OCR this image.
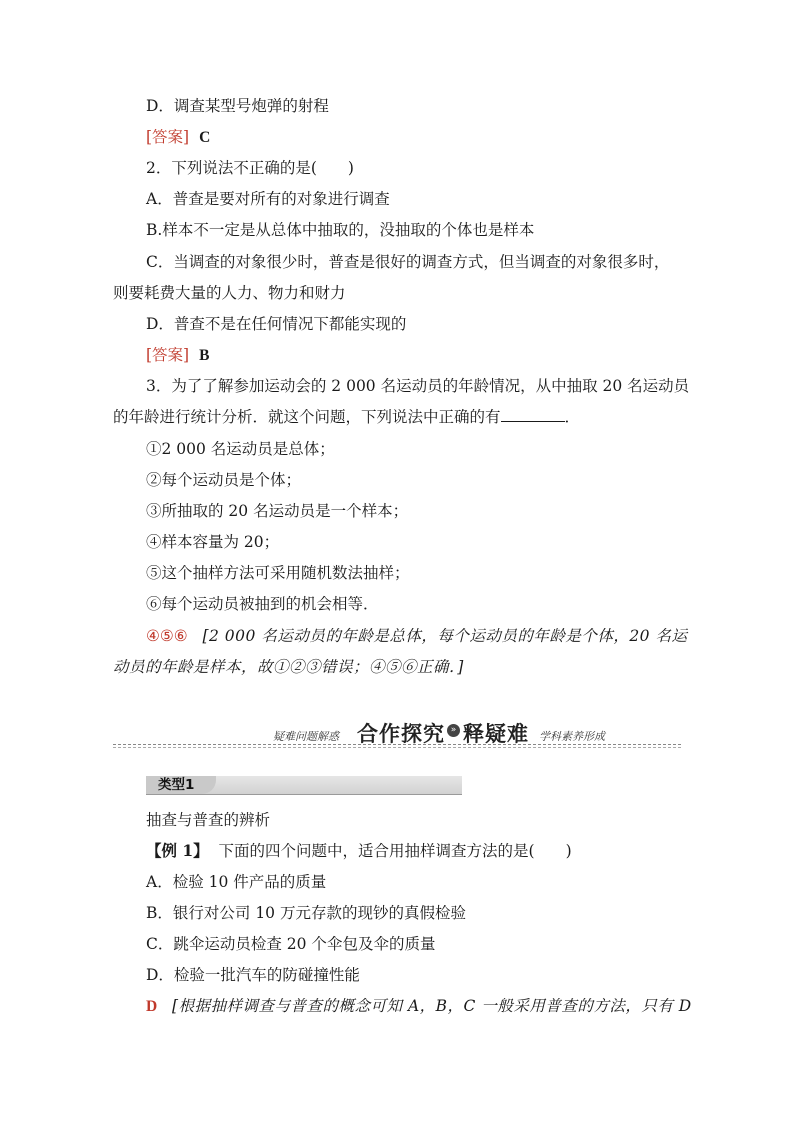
D．调查某型号炮弹的射程
[答案] C
2．下列说法不正确的是(　　)
A．普查是要对所有的对象进行调查
B.样本不一定是从总体中抽取的，没抽取的个体也是样本
C．当调查的对象很少时，普查是很好的调查方式，但当调查的对象很多时，
则要耗费大量的人力、物力和财力
D．普查不是在任何情况下都能实现的
[答案] B
3．为了了解参加运动会的 2 000 名运动员的年龄情况，从中抽取 20 名运动员
的年龄进行统计分析．就这个问题，下列说法中正确的有	．
①2 000 名运动员是总体；
②每个运动员是个体；
③所抽取的 20 名运动员是一个样本；
④样本容量为 20；
⑤这个抽样方法可采用随机数法抽样；
⑥每个运动员被抽到的机会相等．
④⑤⑥ [2 000 名运动员的年龄是总体，每个运动员的年龄是个体，20 名运
动员的年龄是样本，故①②③错误；④⑤⑥正确．]
疑难问题解惑 合作探究 » 释疑难 学科素养形成
类型1
抽查与普查的辨析
【例 1】 下面的四个问题中，适合用抽样调查方法的是(　　)
A．检验 10 件产品的质量
B．银行对公司 10 万元存款的现钞的真假检验
C．跳伞运动员检查 20 个伞包及伞的质量
D．检验一批汽车的防碰撞性能
D [根据抽样调查与普查的概念可知 A，B，C 一般采用普查的方法，只有 D
